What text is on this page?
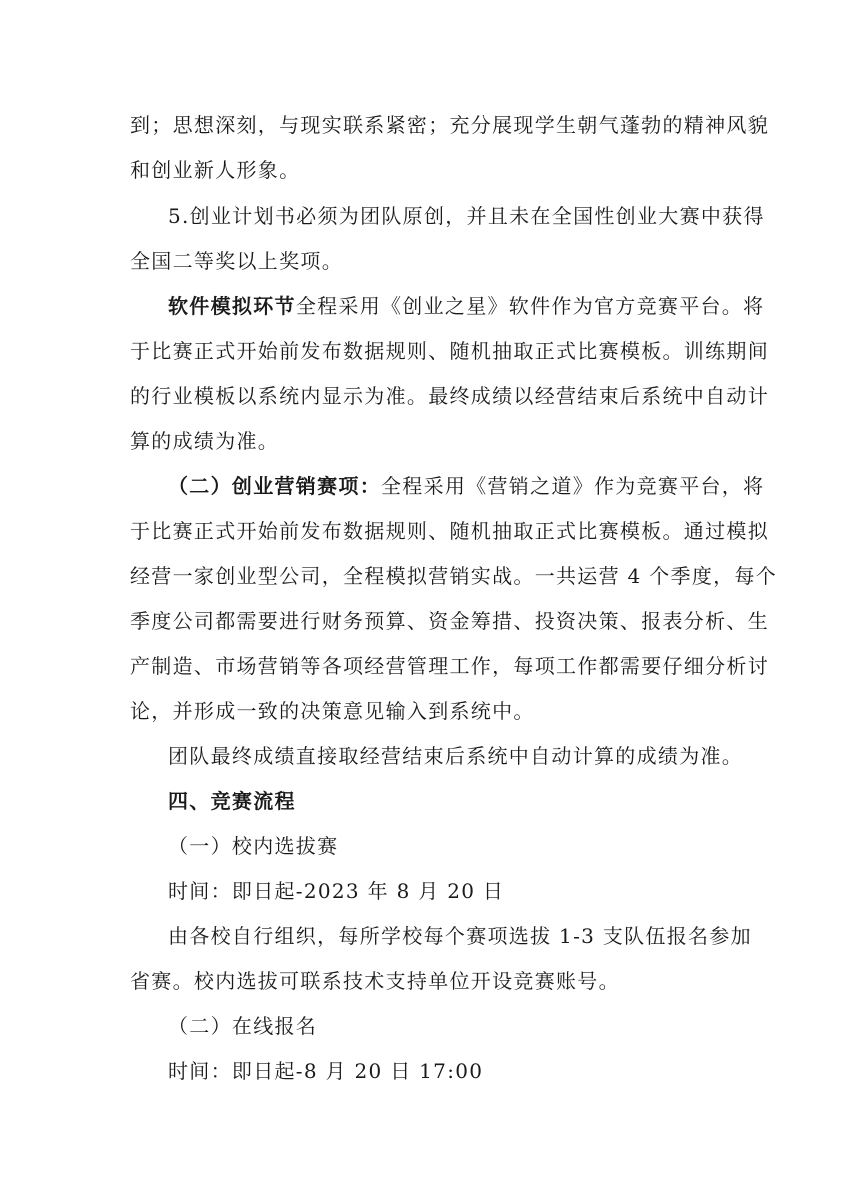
到；思想深刻，与现实联系紧密；充分展现学生朝气蓬勃的精神风貌
和创业新人形象。
5.创业计划书必须为团队原创，并且未在全国性创业大赛中获得
全国二等奖以上奖项。
软件模拟环节全程采用《创业之星》软件作为官方竞赛平台。将
于比赛正式开始前发布数据规则、随机抽取正式比赛模板。训练期间
的行业模板以系统内显示为准。最终成绩以经营结束后系统中自动计
算的成绩为准。
（二）创业营销赛项：全程采用《营销之道》作为竞赛平台，将
于比赛正式开始前发布数据规则、随机抽取正式比赛模板。通过模拟
经营一家创业型公司，全程模拟营销实战。一共运营 4 个季度，每个
季度公司都需要进行财务预算、资金筹措、投资决策、报表分析、生
产制造、市场营销等各项经营管理工作，每项工作都需要仔细分析讨
论，并形成一致的决策意见输入到系统中。
团队最终成绩直接取经营结束后系统中自动计算的成绩为准。
四、竞赛流程
（一）校内选拔赛
时间：即日起-2023 年 8 月 20 日
由各校自行组织，每所学校每个赛项选拔 1-3 支队伍报名参加
省赛。校内选拔可联系技术支持单位开设竞赛账号。
（二）在线报名
时间：即日起-8 月 20 日 17:00
